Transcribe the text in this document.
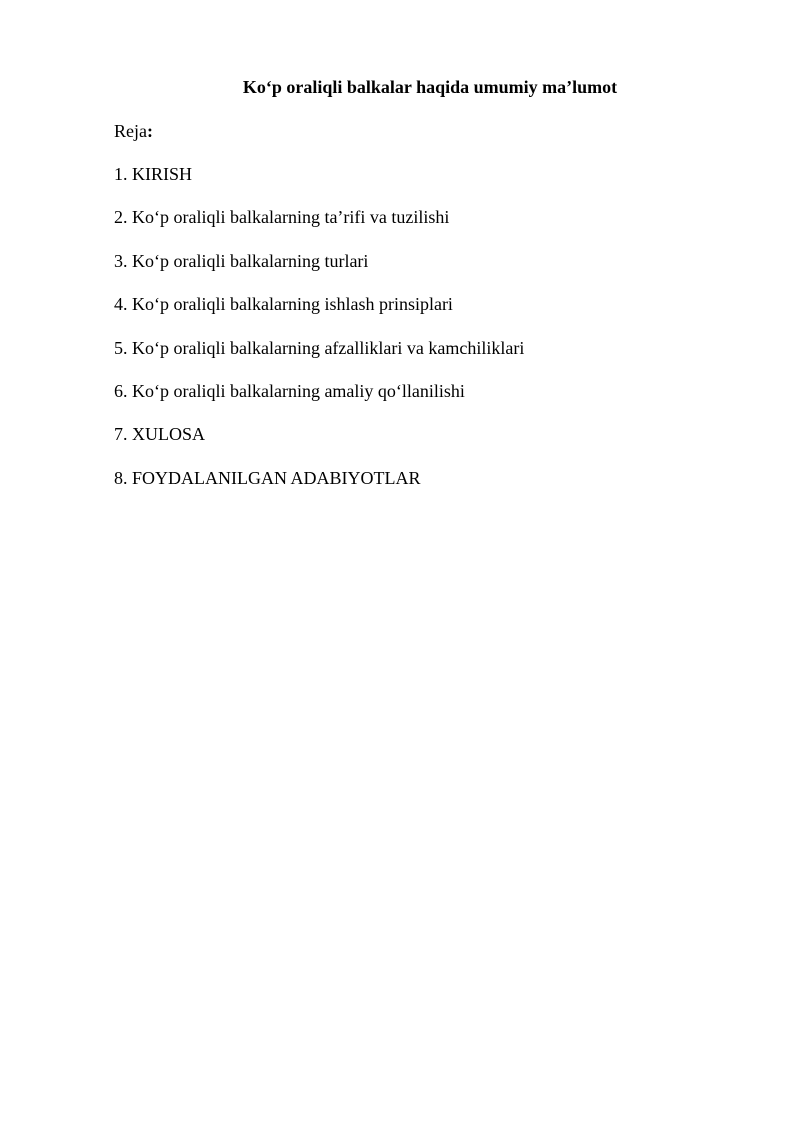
Ko‘p oraliqli balkalar haqida umumiy ma’lumot

Reja:

1. KIRISH
2. Ko‘p oraliqli balkalarning ta’rifi va tuzilishi
3. Ko‘p oraliqli balkalarning turlari
4. Ko‘p oraliqli balkalarning ishlash prinsiplari
5. Ko‘p oraliqli balkalarning afzalliklari va kamchiliklari
6. Ko‘p oraliqli balkalarning amaliy qo‘llanilishi
7. XULOSA
8. FOYDALANILGAN ADABIYOTLAR
